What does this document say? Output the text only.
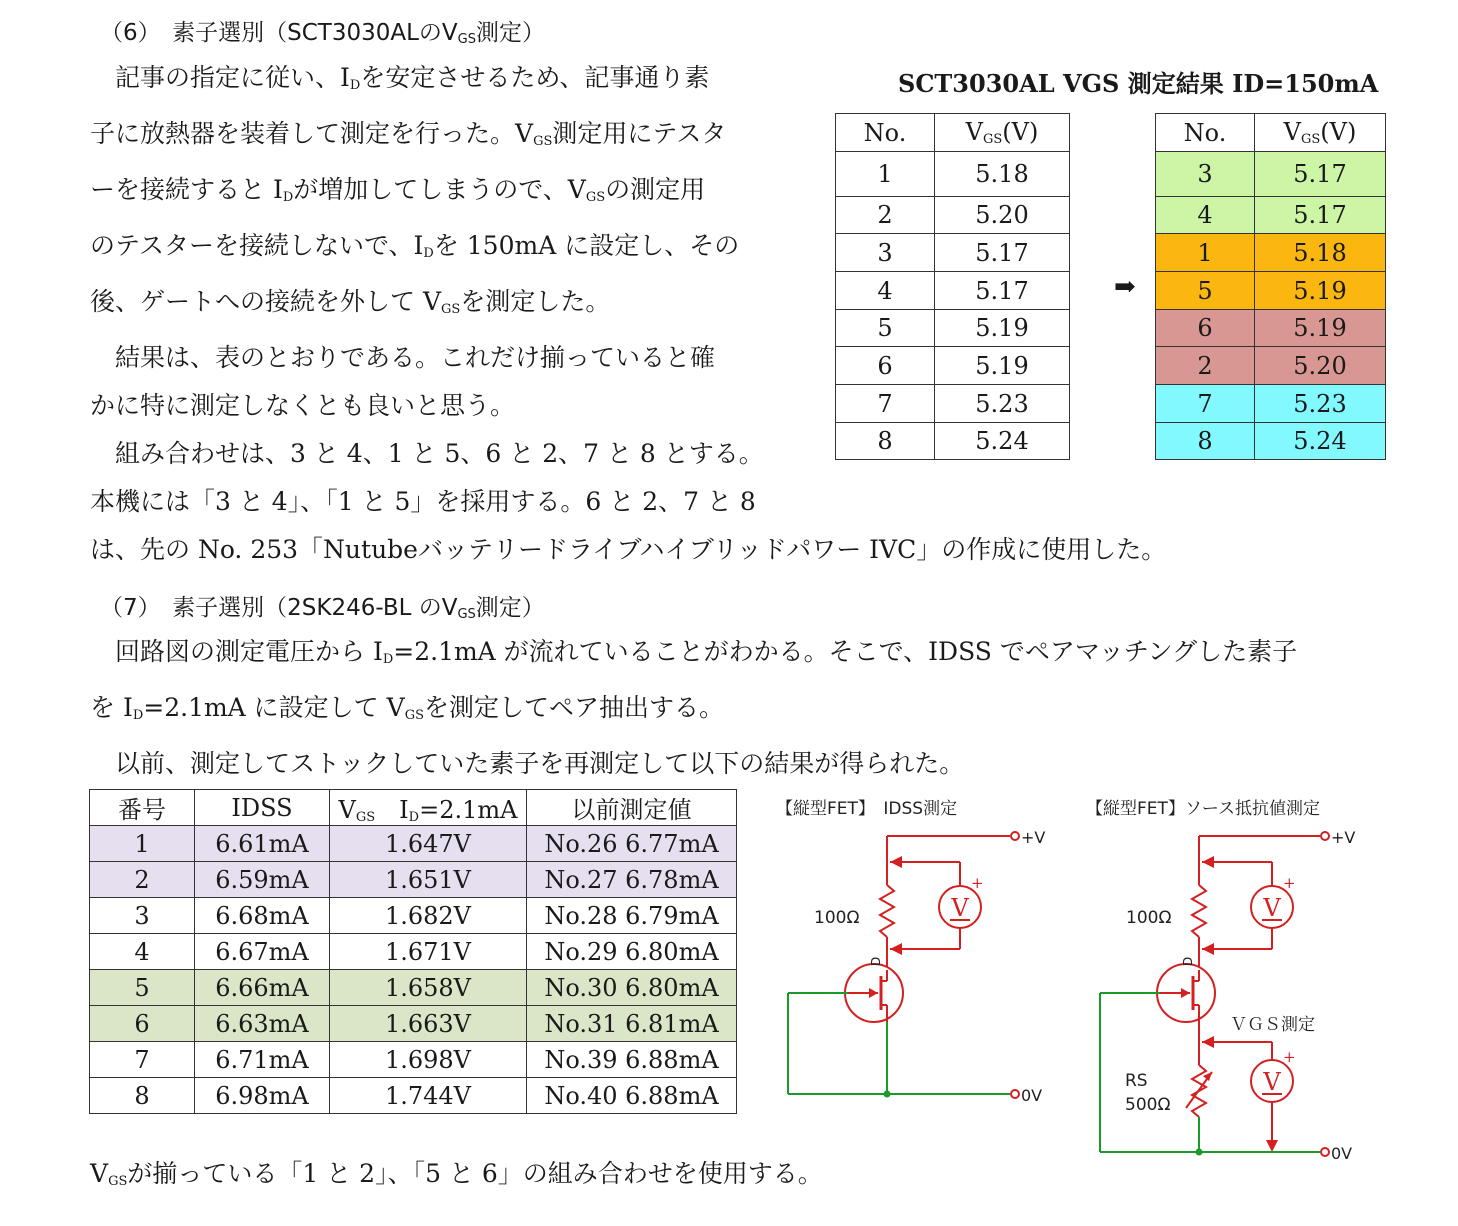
（6）　素子選別（SCT3030ALの$V_{GS}$測定）
　記事の指定に従い、$I_D$を安定させるため、記事通り素
子に放熱器を装着して測定を行った。$V_{GS}$測定用にテスタ
ーを接続すると $I_D$が増加してしまうので、$V_{GS}$の測定用
のテスターを接続しないで、$I_D$を 150mA に設定し、その
後、ゲートへの接続を外して $V_{GS}$を測定した。
　結果は、表のとおりである。これだけ揃っていると確
かに特に測定しなくとも良いと思う。
　組み合わせは、3 と 4、1 と 5、6 と 2、7 と 8 とする。
本機には「3 と 4」、「1 と 5」を採用する。6 と 2、7 と 8
は、先の No. 253「Nutubeバッテリードライブハイブリッドパワー IVC」の作成に使用した。
SCT3030AL VGS 測定結果 ID=150mA
No.	$V_{GS}(V)$
1	5.18
2	5.20
3	5.17
4	5.17
5	5.19
6	5.19
7	5.23
8	5.24
➡
No.	$V_{GS}(V)$
3	5.17
4	5.17
1	5.18
5	5.19
6	5.19
2	5.20
7	5.23
8	5.24
（7）　素子選別（2SK246-BL の$V_{GS}$測定）
　回路図の測定電圧から $I_D=2.1mA$ が流れていることがわかる。そこで、IDSS でペアマッチングした素子
を $I_D=2.1mA$ に設定して $V_{GS}$を測定してペア抽出する。
　以前、測定してストックしていた素子を再測定して以下の結果が得られた。
番号	IDSS	$V_{GS}$　$I_D=2.1mA$	以前測定値
1	6.61mA	1.647V	No.26 6.77mA
2	6.59mA	1.651V	No.27 6.78mA
3	6.68mA	1.682V	No.28 6.79mA
4	6.67mA	1.671V	No.29 6.80mA
5	6.66mA	1.658V	No.30 6.80mA
6	6.63mA	1.663V	No.31 6.81mA
7	6.71mA	1.698V	No.39 6.88mA
8	6.98mA	1.744V	No.40 6.88mA
【縦型FET】　IDSS測定
+V
100Ω	V
+
D
0V
【縦型FET】ソース抵抗値測定
+V
100Ω	V
+
D
ＶＧＳ測定
V
+
RS
500Ω
0V
$V_{GS}$が揃っている「1 と 2」、「5 と 6」の組み合わせを使用する。
